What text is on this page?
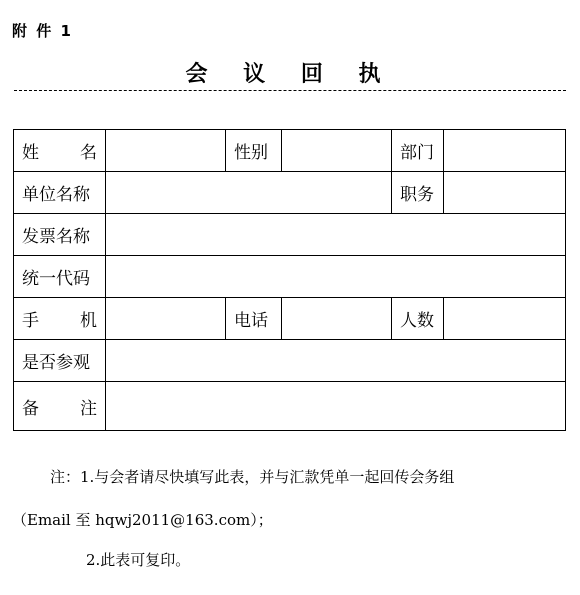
附 件 1
会 议 回 执
姓 名		性别		部门	
单位名称				职务	
发票名称					
统一代码					

手 机		电话		人数	
是否参观					

备 注					

注：1.与会者请尽快填写此表，并与汇款凭单一起回传会务组
（Email 至 hqwj2011@163.com）；
2.此表可复印。
